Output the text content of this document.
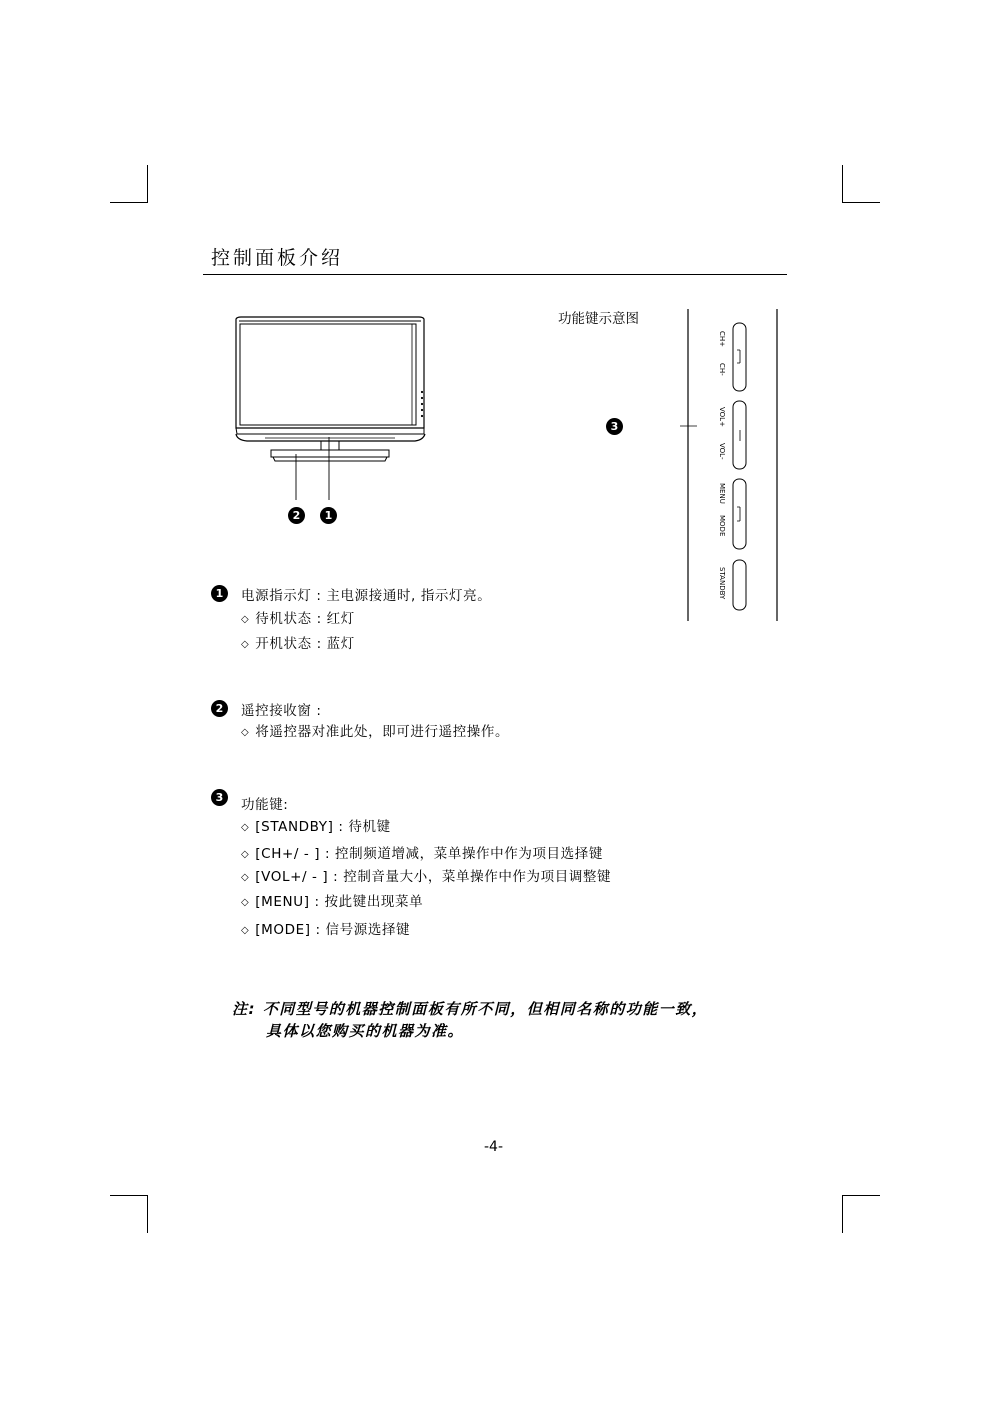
控制面板介绍
2	1
功能键示意图
CH+
CH-
VOL+
VOL-
MENU
MODE
STANDBY
3
1	电源指示灯 : 主电源接通时, 指示灯亮。
◇ 待机状态 : 红灯
◇ 开机状态 : 蓝灯
2	遥控接收窗 :
◇ 将遥控器对准此处，即可进行遥控操作。
3	功能键:
◇ [STANDBY] : 待机键
◇ [CH+/ - ] : 控制频道增减，菜单操作中作为项目选择键
◇ [VOL+/ - ] : 控制音量大小，菜单操作中作为项目调整键
◇ [MENU] : 按此键出现菜单
◇ [MODE] : 信号源选择键
注: 不同型号的机器控制面板有所不同，但相同名称的功能一致，
具体以您购买的机器为准。
-4-
